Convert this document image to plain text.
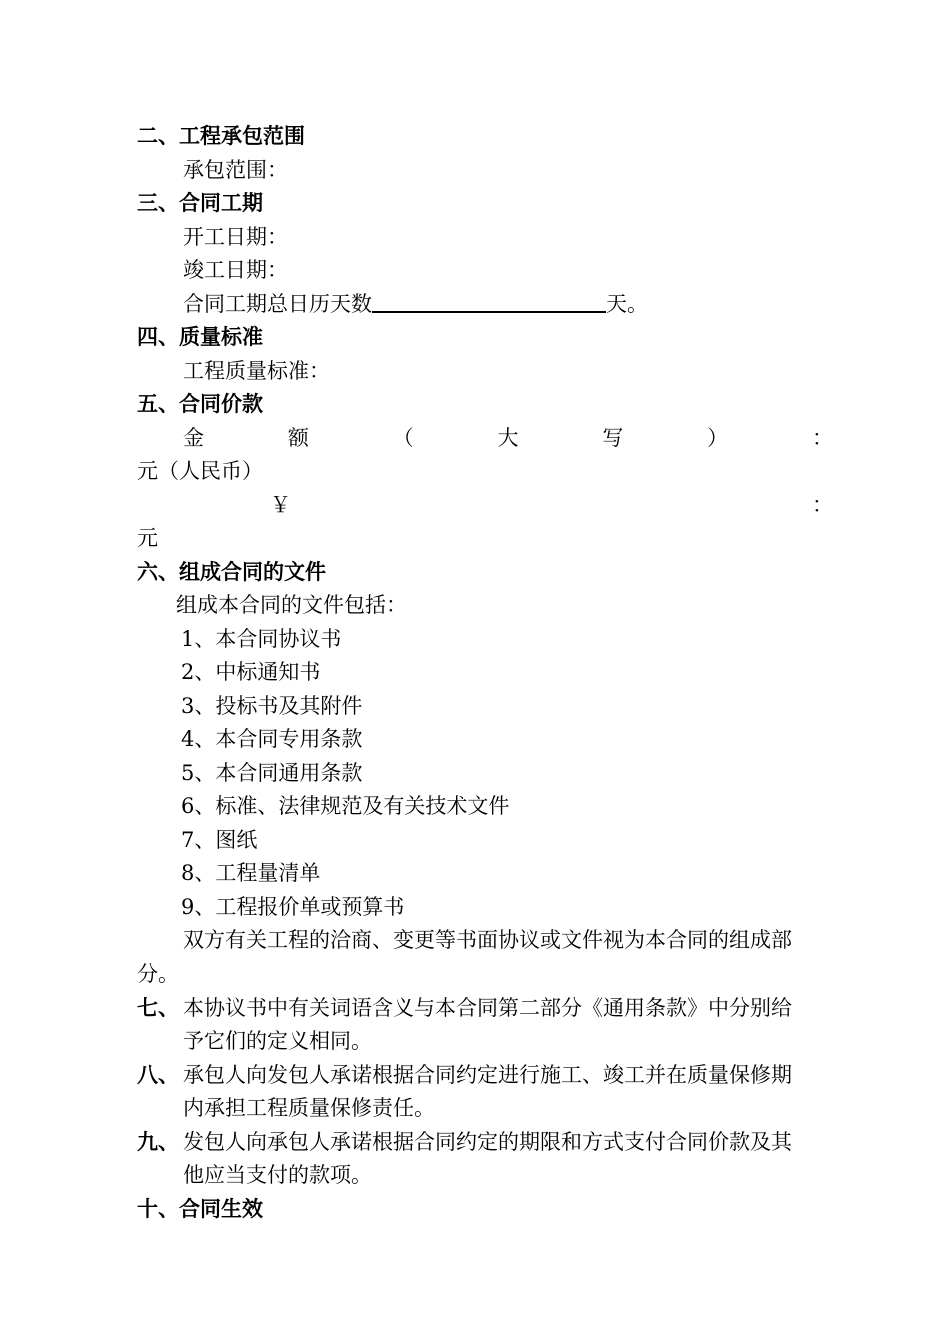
二、工程承包范围
承包范围：
三、合同工期
开工日期：
竣工日期：
合同工期总日历天数	天。
四、质量标准
工程质量标准：
五、合同价款
金	额	（	大	写	）	：
元（人民币）
￥	：
元
六、组成合同的文件
组成本合同的文件包括：
1、本合同协议书
2、中标通知书
3、投标书及其附件
4、本合同专用条款
5、本合同通用条款
6、标准、法律规范及有关技术文件
7、图纸
8、工程量清单
9、工程报价单或预算书
双方有关工程的洽商、变更等书面协议或文件视为本合同的组成部
分。
七、 本协议书中有关词语含义与本合同第二部分《通用条款》中分别给
予它们的定义相同。
八、 承包人向发包人承诺根据合同约定进行施工、竣工并在质量保修期
内承担工程质量保修责任。
九、 发包人向承包人承诺根据合同约定的期限和方式支付合同价款及其
他应当支付的款项。
十、合同生效
